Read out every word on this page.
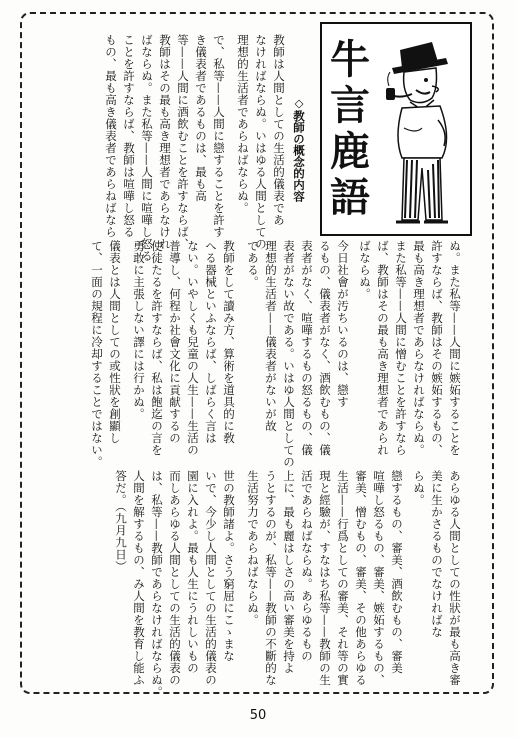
牛
言
鹿
語
◇教師の概念的内容
教師は人間としての生活的儀表であ
なければならぬ。いはゆる人間としての
理想的生活者であらねばならぬ。
で、私等——人間に戀することを許す
き儀表者であるものは、最も高
等——人間に酒飲むことを許すならば、
教師はその最も高き理想者であらなけれ
ばならぬ。また私等——人間に喧嘩し怒る
ことを許すならば、教師は喧嘩し怒る
もの、最も高き儀表者であらねばなら
ぬ。また私等——人間に嫉妬することを
許すならば、教師はその嫉妬するもの、
最も高き理想者であらなければならぬ。
また私等——人間に憎むことを許すなら
ば、教師はその最も高き理想者であられ
ばならぬ。
今日社會が汚ちいるのは、戀す
るもの、儀表者がなく、酒飲むもの、儀
表者がなく、喧嘩するもの怒るもの、儀
表者がない故である。いはゆ人間としての
理想的生活者——儀表者がないが故
である。
教師をして讀み方、算術を道具的に敎
へる器械といふならば、しばらく言は
ない。いやしくも兒童の人生——生活の
普導し、何程か社會文化に貢献するの
使徒たるを許すならば、私は飽迄の言を
勇敢に主張しない譯には行かぬ。
儀表とは人間としての或性狀を創顯し
て、一面の規程に冷却することではない。
あらゆる人間としての性狀が最も高き審
美に生かさるものでなければな
らぬ。
戀するもの、審美、酒飲むもの、審美
喧嘩し怒るもの、審美、嫉妬するもの、
審美、憎むもの、審美、その他あらゆる
生活——行爲としての審美、それ等の實
現と經驗が、すなはち私等——教師の生
活であらねばならぬ。あらゆるもの
上に、最も麗はしさの高い審美を持よ
うとするのが、私等——教師の不斷的な
生活努力であらねばならぬ。
世の教師諸よ。さう窮屈にこゝまな
いで、今少し人間としての生活的儀表の
園に入れよ。最も人生にうれしいもの
而しあらゆる人間としての生活的儀表の
は、私等——教師であらなければならぬ。
人間を解するもの、み人間を教育し能ふ
答だ。（九月九日）
50
